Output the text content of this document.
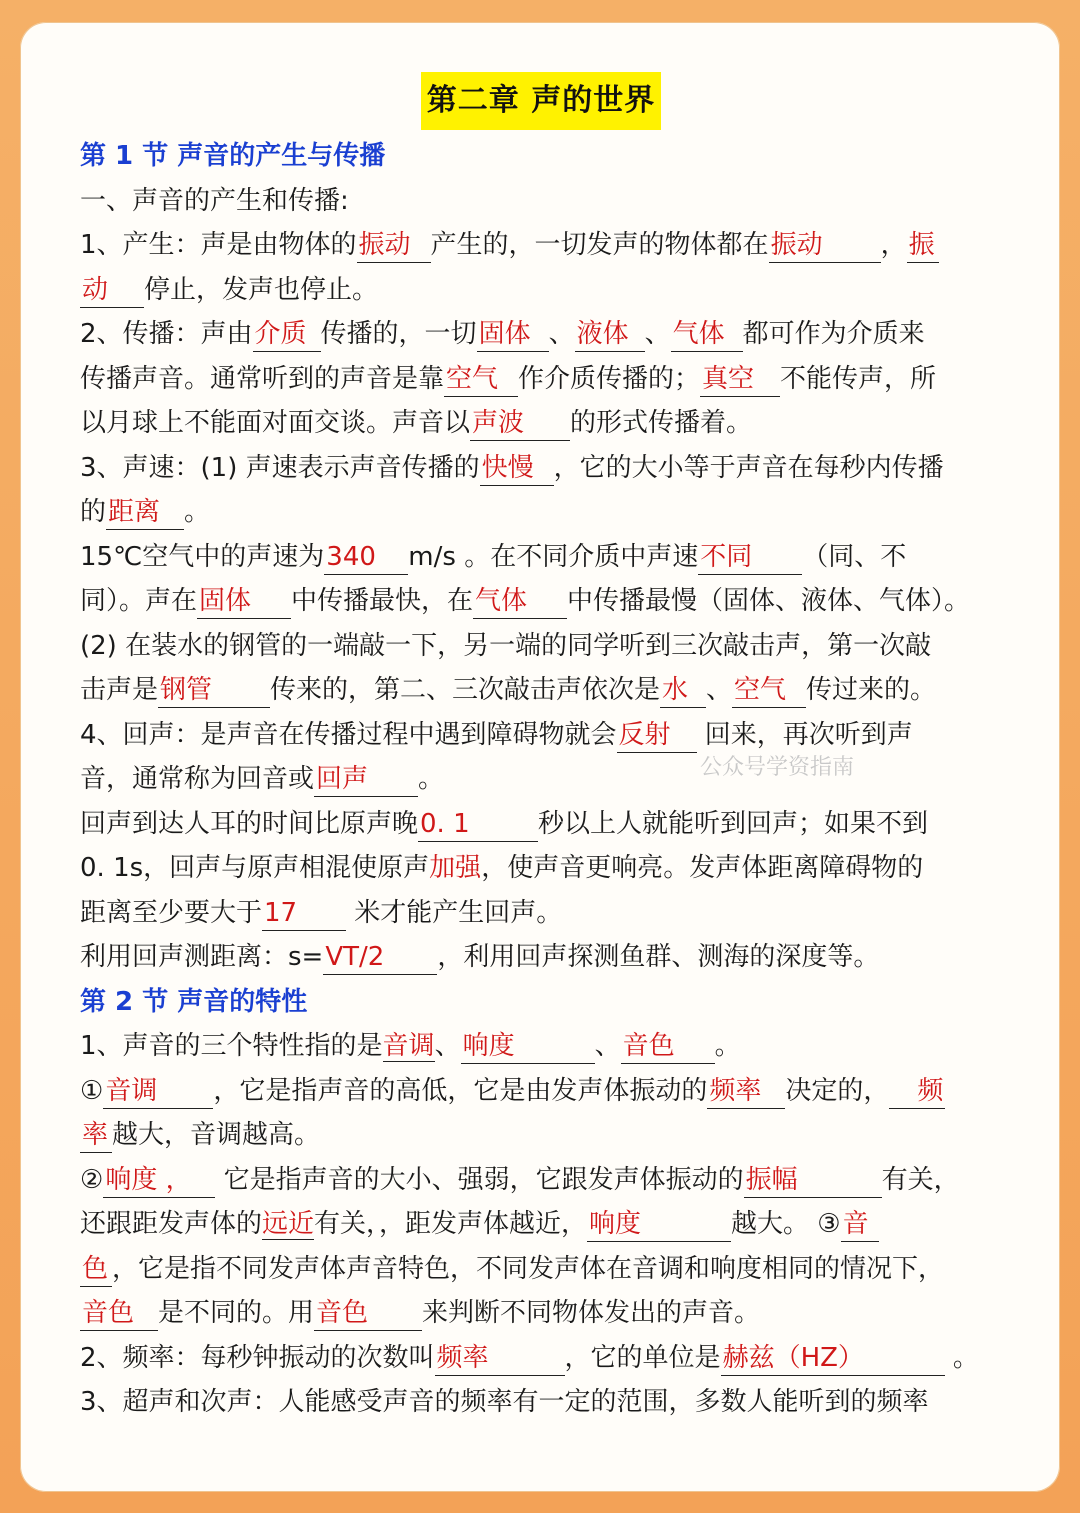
第二章 声的世界
第 1 节 声音的产生与传播
一、声音的产生和传播:
1、产生：声是由物体的振动 产生的，一切发声的物体都在振动 ，振
动 停止，发声也停止。
2、传播：声由介质 传播的，一切固体 、液体 、气体 都可作为介质来
传播声音。通常听到的声音是靠空气 作介质传播的；真空 不能传声，所
以月球上不能面对面交谈。声音以声波 的形式传播着。
3、声速：(1) 声速表示声音传播的快慢 ，它的大小等于声音在每秒内传播
的距离 。
15℃空气中的声速为340 m/s 。在不同介质中声速不同 （同、不
同）。声在固体 中传播最快，在气体 中传播最慢（固体、液体、气体）。
(2) 在装水的钢管的一端敲一下，另一端的同学听到三次敲击声，第一次敲
击声是钢管 传来的，第二、三次敲击声依次是水 、空气 传过来的。
4、回声：是声音在传播过程中遇到障碍物就会反射 回来，再次听到声
音，通常称为回音或回声 。
回声到达人耳的时间比原声晚0. 1	秒以上人就能听到回声；如果不到
0. 1s，回声与原声相混使原声加强，使声音更响亮。发声体距离障碍物的
距离至少要大于17 米才能产生回声。
利用回声测距离：s=VT/2 ，利用回声探测鱼群、测海的深度等。
第 2 节 声音的特性
1、声音的三个特性指的是音调、响度	、音色 。
①音调 ，它是指声音的高低，它是由发声体振动的频率 决定的， 频
率 越大，音调越高。
②响度 ， 它是指声音的大小、强弱，它跟发声体振动的振幅	有关，
还跟距发声体的远近有关，，距发声体越近，响度	越大。 ③音
色 ，它是指不同发声体声音特色，不同发声体在音调和响度相同的情况下，
音色 是不同的。用音色 来判断不同物体发出的声音。
2、频率：每秒钟振动的次数叫频率	，它的单位是赫兹（HZ）	。
3、超声和次声：人能感受声音的频率有一定的范围，多数人能听到的频率
公众号学资指南
